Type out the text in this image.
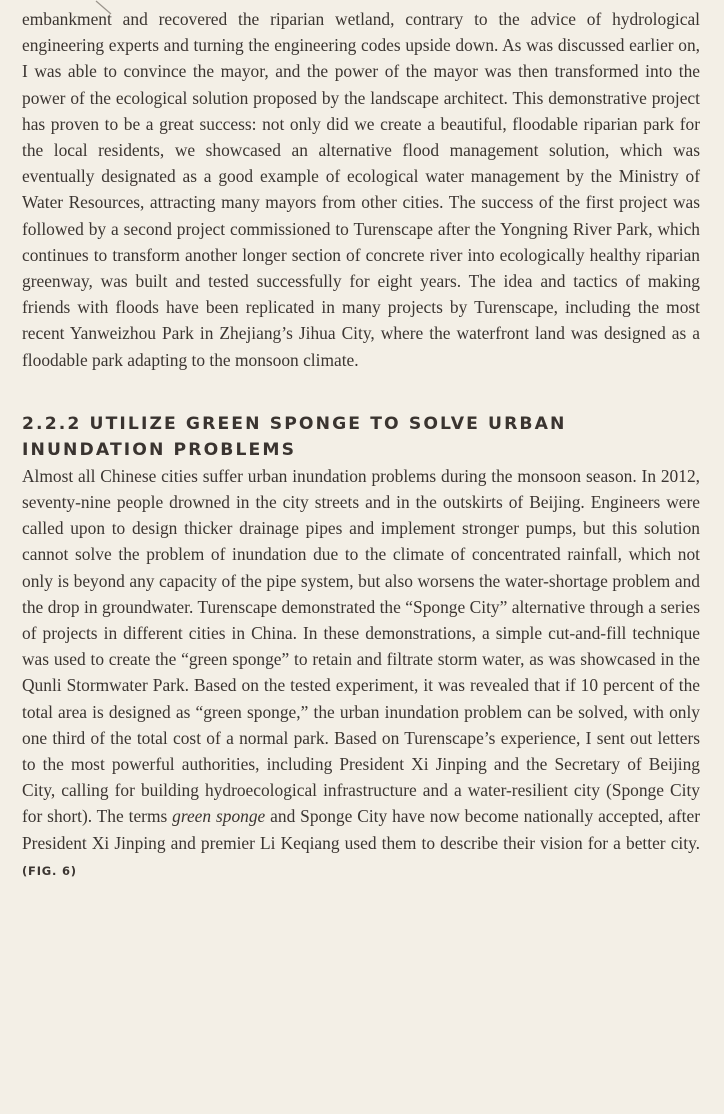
embankment and recovered the riparian wetland, contrary to the advice of hydrological engineering experts and turning the engineering codes upside down. As was discussed earlier on, I was able to convince the mayor, and the power of the mayor was then transformed into the power of the ecological solution proposed by the landscape architect. This demonstrative project has proven to be a great success: not only did we create a beautiful, floodable riparian park for the local residents, we showcased an alternative flood management solution, which was eventually designated as a good example of ecological water management by the Ministry of Water Resources, attracting many mayors from other cities. The success of the first project was followed by a second project commissioned to Turenscape after the Yongning River Park, which continues to transform another longer section of concrete river into ecologically healthy riparian greenway, was built and tested successfully for eight years. The idea and tactics of making friends with floods have been replicated in many projects by Turenscape, including the most recent Yanweizhou Park in Zhejiang’s Jihua City, where the waterfront land was designed as a floodable park adapting to the monsoon climate.

2.2.2 UTILIZE GREEN SPONGE TO SOLVE URBAN
INUNDATION PROBLEMS

Almost all Chinese cities suffer urban inundation problems during the monsoon season. In 2012, seventy-nine people drowned in the city streets and in the outskirts of Beijing. Engineers were called upon to design thicker drainage pipes and implement stronger pumps, but this solution cannot solve the problem of inundation due to the climate of concentrated rainfall, which not only is beyond any capacity of the pipe system, but also worsens the water-shortage problem and the drop in groundwater. Turenscape demonstrated the “Sponge City” alternative through a series of projects in different cities in China. In these demonstrations, a simple cut-and-fill technique was used to create the “green sponge” to retain and filtrate storm water, as was showcased in the Qunli Stormwater Park. Based on the tested experiment, it was revealed that if 10 percent of the total area is designed as “green sponge,” the urban inundation problem can be solved, with only one third of the total cost of a normal park. Based on Turenscape’s experience, I sent out letters to the most powerful authorities, including President Xi Jinping and the Secretary of Beijing City, calling for building hydroecological infrastructure and a water-resilient city (Sponge City for short). The terms green sponge and Sponge City have now become nationally accepted, after President Xi Jinping and premier Li Keqiang used them to describe their vision for a better city. (FIG. 6)
